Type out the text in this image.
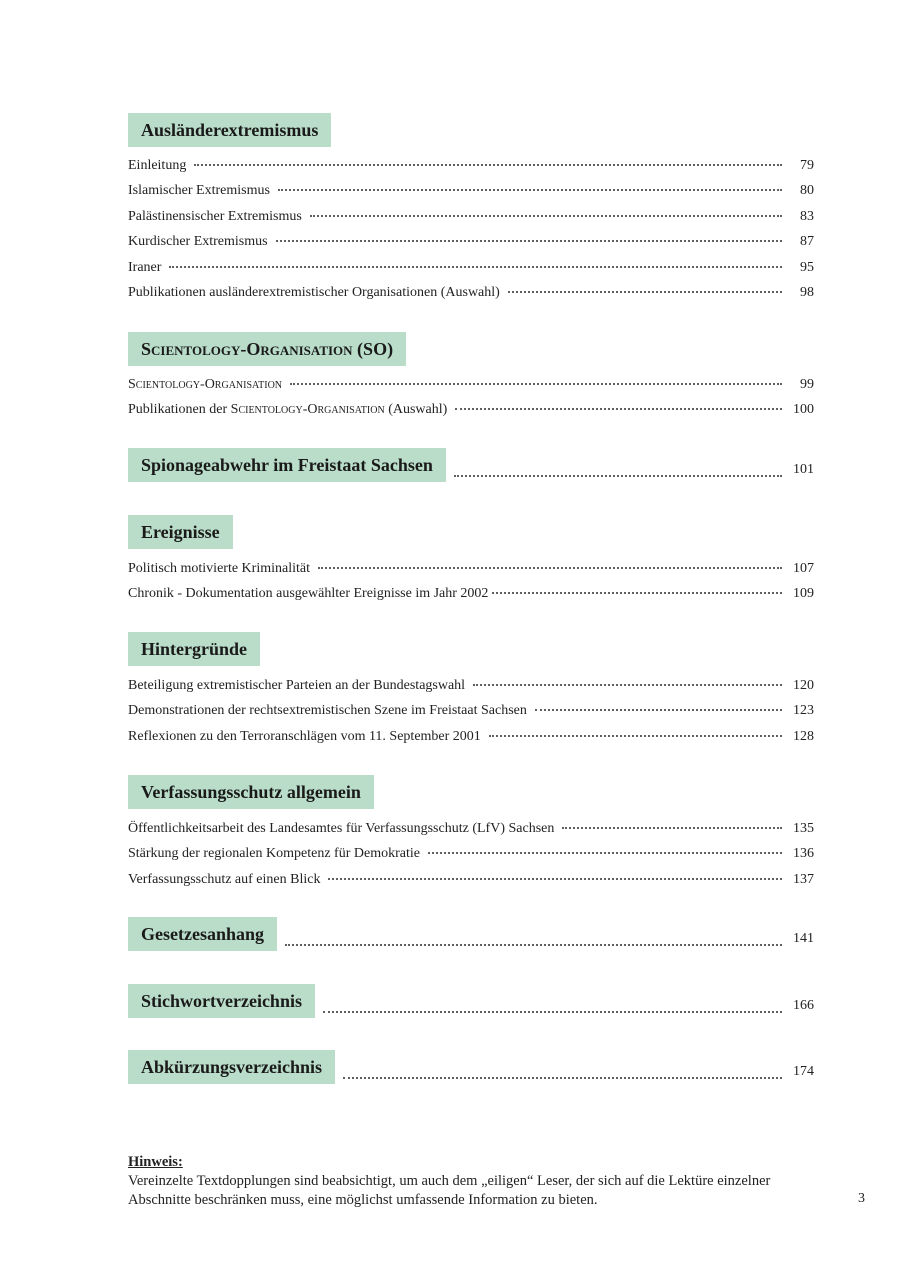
Ausländerextremismus
Einleitung	79
Islamischer Extremismus	80
Palästinensischer Extremismus	83
Kurdischer Extremismus	87
Iraner	95
Publikationen ausländerextremistischer Organisationen (Auswahl)	98
Scientology-Organisation (SO)
Scientology-Organisation	99
Publikationen der Scientology-Organisation (Auswahl)	100
Spionageabwehr im Freistaat Sachsen	101
Ereignisse
Politisch motivierte Kriminalität	107
Chronik - Dokumentation ausgewählter Ereignisse im Jahr 2002	109
Hintergründe
Beteiligung extremistischer Parteien an der Bundestagswahl	120
Demonstrationen der rechtsextremistischen Szene im Freistaat Sachsen	123
Reflexionen zu den Terroranschlägen vom 11. September 2001	128
Verfassungsschutz allgemein
Öffentlichkeitsarbeit des Landesamtes für Verfassungsschutz (LfV) Sachsen	135
Stärkung der regionalen Kompetenz für Demokratie	136
Verfassungsschutz auf einen Blick	137
Gesetzesanhang	141
Stichwortverzeichnis	166
Abkürzungsverzeichnis	174
Hinweis:
Vereinzelte Textdopplungen sind beabsichtigt, um auch dem „eiligen“ Leser, der sich auf die Lektüre einzelner Abschnitte beschränken muss, eine möglichst umfassende Information zu bieten.	3
